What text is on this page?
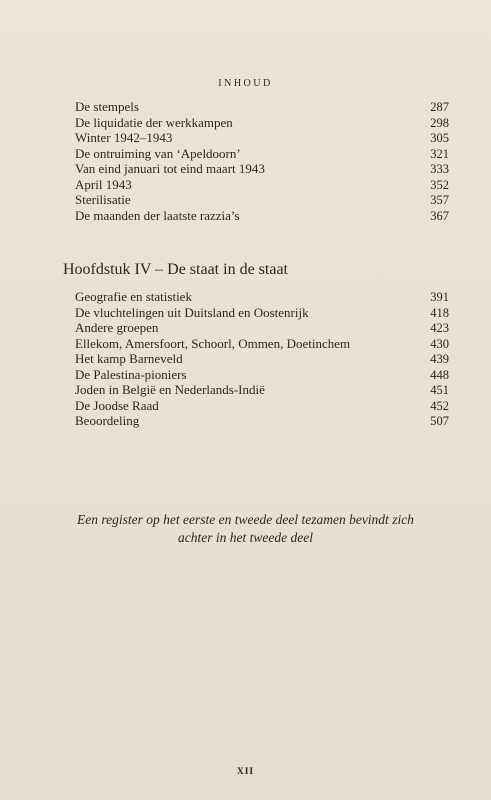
INHOUD
De stempels	287
De liquidatie der werkkampen	298
Winter 1942–1943	305
De ontruiming van ‘Apeldoorn’	321
Van eind januari tot eind maart 1943	333
April 1943	352
Sterilisatie	357
De maanden der laatste razzia’s	367
Hoofdstuk IV – De staat in de staat
Geografie en statistiek	391
De vluchtelingen uit Duitsland en Oostenrijk	418
Andere groepen	423
Ellekom, Amersfoort, Schoorl, Ommen, Doetinchem	430
Het kamp Barneveld	439
De Palestina-pioniers	448
Joden in België en Nederlands-Indië	451
De Joodse Raad	452
Beoordeling	507
Een register op het eerste en tweede deel tezamen bevindt zich
achter in het tweede deel
XII
